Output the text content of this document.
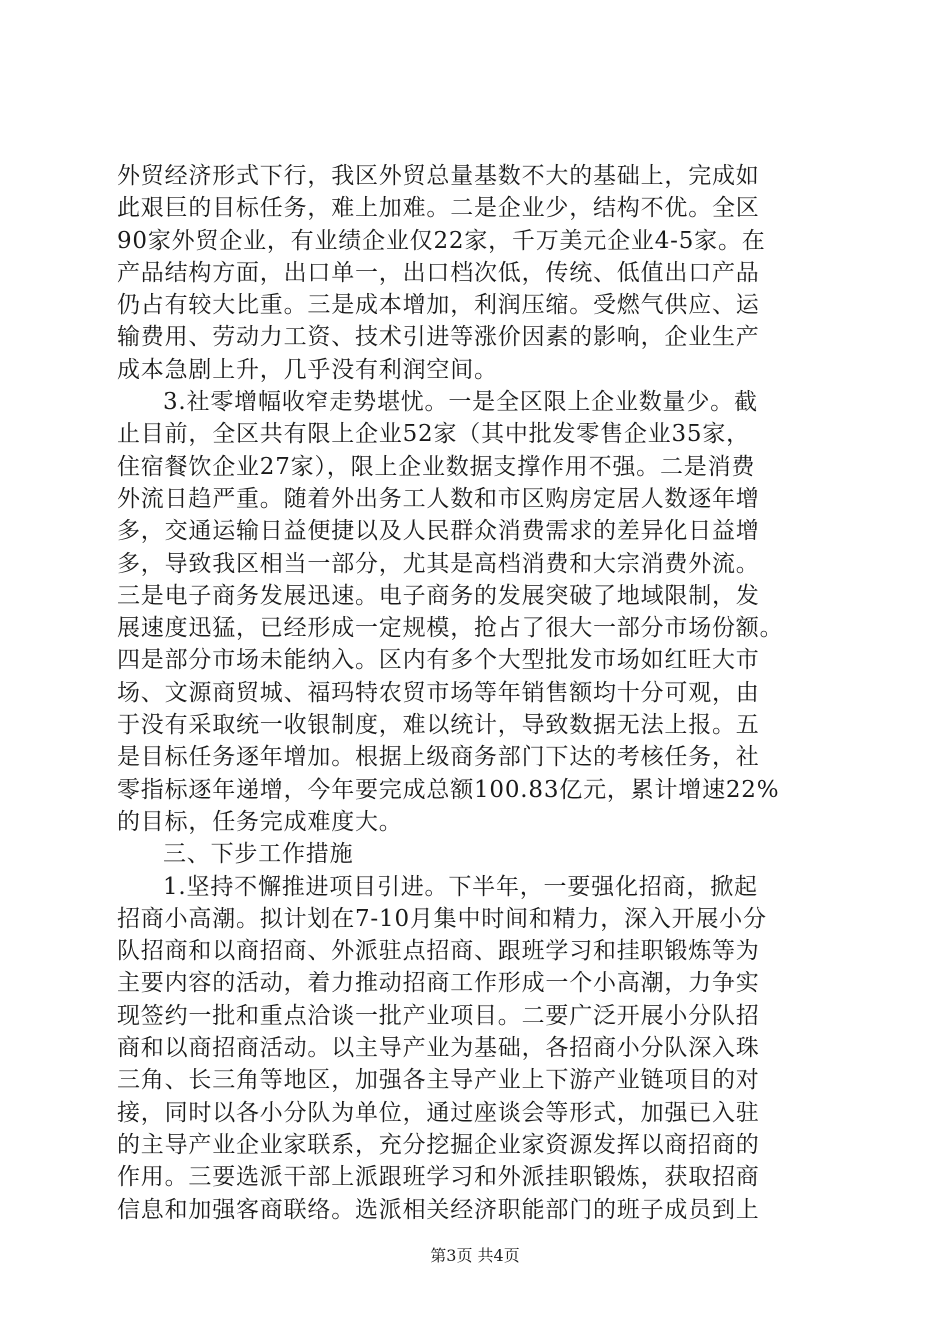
外贸经济形式下行，我区外贸总量基数不大的基础上，完成如
此艰巨的目标任务，难上加难。二是企业少，结构不优。全区
90家外贸企业，有业绩企业仅22家，千万美元企业4-5家。在
产品结构方面，出口单一，出口档次低，传统、低值出口产品
仍占有较大比重。三是成本增加，利润压缩。受燃气供应、运
输费用、劳动力工资、技术引进等涨价因素的影响，企业生产
成本急剧上升，几乎没有利润空间。
3.社零增幅收窄走势堪忧。一是全区限上企业数量少。截
止目前，全区共有限上企业52家（其中批发零售企业35家，
住宿餐饮企业27家），限上企业数据支撑作用不强。二是消费
外流日趋严重。随着外出务工人数和市区购房定居人数逐年增
多，交通运输日益便捷以及人民群众消费需求的差异化日益增
多，导致我区相当一部分，尤其是高档消费和大宗消费外流。
三是电子商务发展迅速。电子商务的发展突破了地域限制，发
展速度迅猛，已经形成一定规模，抢占了很大一部分市场份额。
四是部分市场未能纳入。区内有多个大型批发市场如红旺大市
场、文源商贸城、福玛特农贸市场等年销售额均十分可观，由
于没有采取统一收银制度，难以统计，导致数据无法上报。五
是目标任务逐年增加。根据上级商务部门下达的考核任务，社
零指标逐年递增，今年要完成总额100.83亿元，累计增速22%
的目标，任务完成难度大。
三、下步工作措施
1.坚持不懈推进项目引进。下半年，一要强化招商，掀起
招商小高潮。拟计划在7-10月集中时间和精力，深入开展小分
队招商和以商招商、外派驻点招商、跟班学习和挂职锻炼等为
主要内容的活动，着力推动招商工作形成一个小高潮，力争实
现签约一批和重点洽谈一批产业项目。二要广泛开展小分队招
商和以商招商活动。以主导产业为基础，各招商小分队深入珠
三角、长三角等地区，加强各主导产业上下游产业链项目的对
接，同时以各小分队为单位，通过座谈会等形式，加强已入驻
的主导产业企业家联系，充分挖掘企业家资源发挥以商招商的
作用。三要选派干部上派跟班学习和外派挂职锻炼，获取招商
信息和加强客商联络。选派相关经济职能部门的班子成员到上
第3页 共4页
